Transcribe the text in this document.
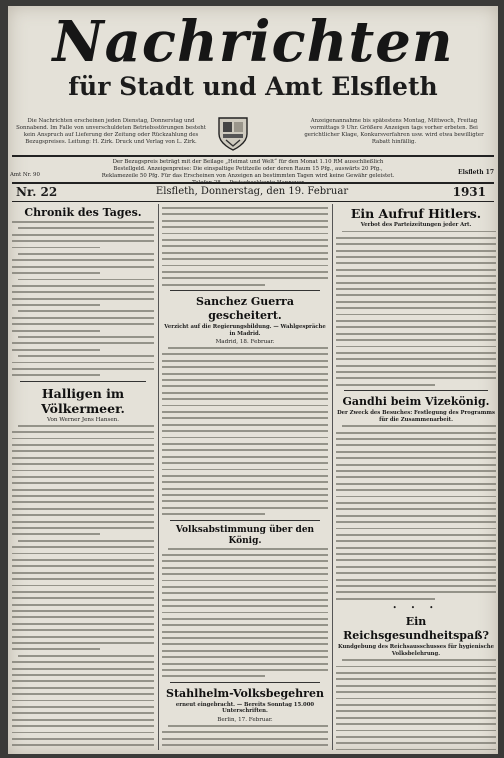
Nachrichten
für Stadt und Amt Elsfleth
Die Nachrichten erscheinen jeden Dienstag, Donnerstag und Sonnabend. Im Falle von unverschuldeten Betriebsstörungen besteht kein Anspruch auf Lieferung der Zeitung oder Rückzahlung des Bezugspreises. Leitung: H. Zirk. Druck und Verlag von L. Zirk.
Anzeigenannahme bis spätestens Montag, Mittwoch, Freitag vormittags 9 Uhr. Größere Anzeigen tags vorher erbeten. Bei gerichtlicher Klage, Konkursverfahren usw. wird etwa bewilligter Rabatt hinfällig.
Der Bezugspreis beträgt mit der Beilage „Heimat und Welt“ für den Monat 1.10 RM ausschließlich Bestellgeld. Anzeigenpreise: Die einspaltige Petitzeile oder deren Raum 15 Pfg., auswärts 20 Pfg., Reklamezeile 50 Pfg. Für das Erscheinen von Anzeigen an bestimmten Tagen wird keine Gewähr geleistet.
Amt Nr. 90	Elsfleth 17
Nr. 22	Elsfleth, Donnerstag, den 19. Februar	1931
Chronik des Tages.
Halligen im Völkermeer.
Von Werner Jens Hansen.
Sanchez Guerra gescheitert.
Verzicht auf die Regierungsbildung. — Wahlgespräche in Madrid.
Madrid, 18. Februar.
Volksabstimmung über den König.
Stahlhelm-Volksbegehren
erneut eingebracht. — Bereits Sonntag 15.000 Unterschriften.
Berlin, 17. Februar.
Ein Aufruf Hitlers.
Verbot des Parteizeitungen jeder Art.
Gandhi beim Vizekönig.
Der Zweck des Besuches: Festlegung des Programms für die Zusammenarbeit.
• • •
Ein Reichsgesundheitspaß?
Kundgebung des Reichsausschusses für hygienische Volksbelehrung.
